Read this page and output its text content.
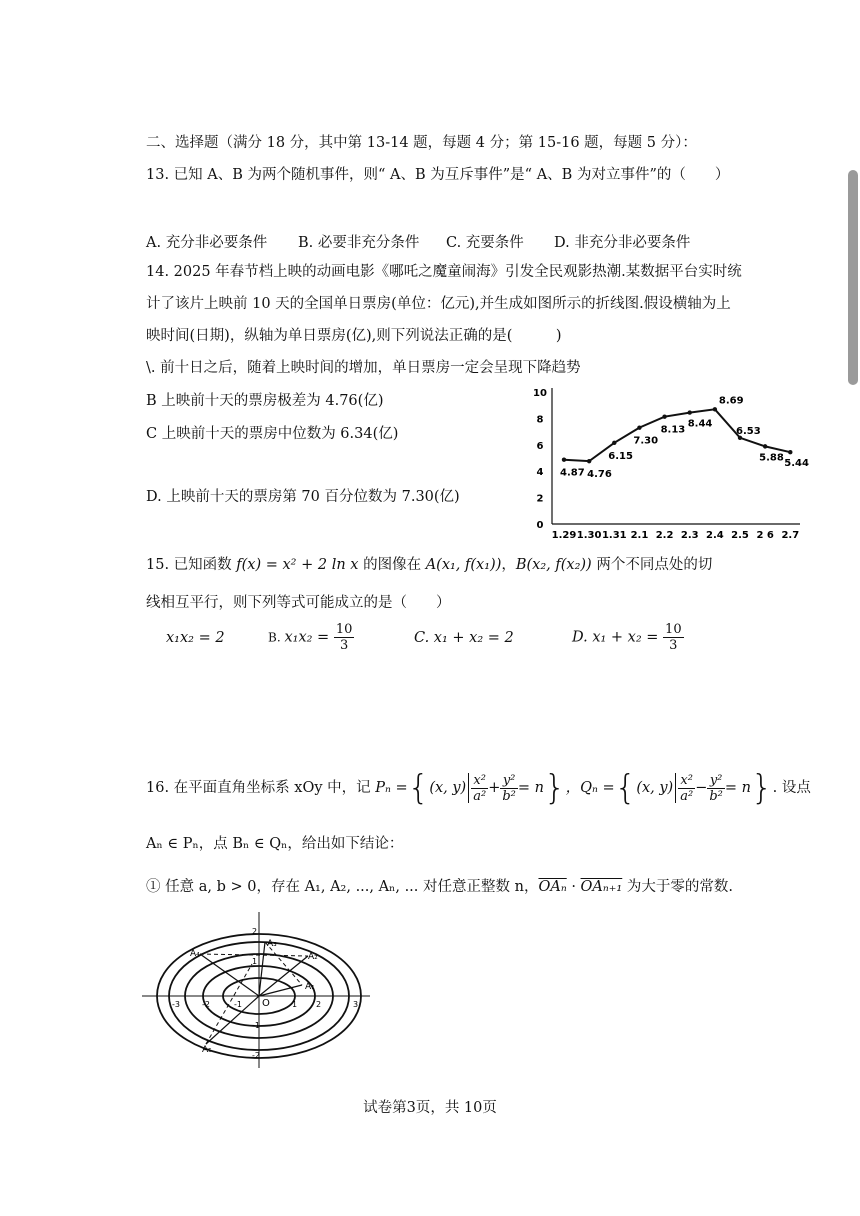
二、选择题（满分 18 分，其中第 13-14 题，每题 4 分；第 15-16 题，每题 5 分）：
13. 已知 A、B 为两个随机事件，则“ A、B 为互斥事件”是“ A、B 为对立事件”的（　　）
A. 充分非必要条件 B. 必要非充分条件 C. 充要条件 D. 非充分非必要条件
14. 2025 年春节档上映的动画电影《哪吒之魔童闹海》引发全民观影热潮.某数据平台实时统
计了该片上映前 10 天的全国单日票房(单位：亿元),并生成如图所示的折线图.假设横轴为上
映时间(日期)，纵轴为单日票房(亿),则下列说法正确的是(　　　)
\. 前十日之后，随着上映时间的增加，单日票房一定会呈现下降趋势
B 上映前十天的票房极差为 4.76(亿)
C 上映前十天的票房中位数为 6.34(亿)
D. 上映前十天的票房第 70 百分位数为 7.30(亿)
0
2
4
6
8
10
4.87 4.76
6.15
7.30
8.13
8.44
8.69
6.53
5.88
5.44
1.29 1.30 1.31 2.1 2.2 2.3 2.4 2.5 2 6 2.7
15. 已知函数 f(x) = x² + 2 ln x 的图像在 A(x₁, f(x₁))，B(x₂, f(x₂)) 两个不同点处的切
线相互平行，则下列等式可能成立的是（　　）
x₁x₂ = 2	B. $x_1x_2 = \frac{10}{3}$	C. x₁ + x₂ = 2	D. $x_1 + x_2 = \frac{10}{3}$
16. 在平面直角坐标系 xOy 中，记 Pₙ ={(x, $y) \frac{\text{x²}}{\text{a²}} + \frac{\text{y²}}{\text{b²}} = n$}，Qₙ ={(x, $y) \frac{\text{x²}}{\text{a²}} - \frac{\text{y²}}{\text{b²}} = n$}. 设点
Aₙ ∈ Pₙ，点 Bₙ ∈ Qₙ，给出如下结论：
① 任意 a, b > 0，存在 A₁, A₂, ..., Aₙ, ... 对任意正整数 n，$\overline{OA_n} \cdot OA_{n+1}$ 为大于零的常数.
-3	-2	-1	1 2	3
2
1
-1
-2
O
A₁
A₂
A₃
A₄
A₅
试卷第3页，共 10页
